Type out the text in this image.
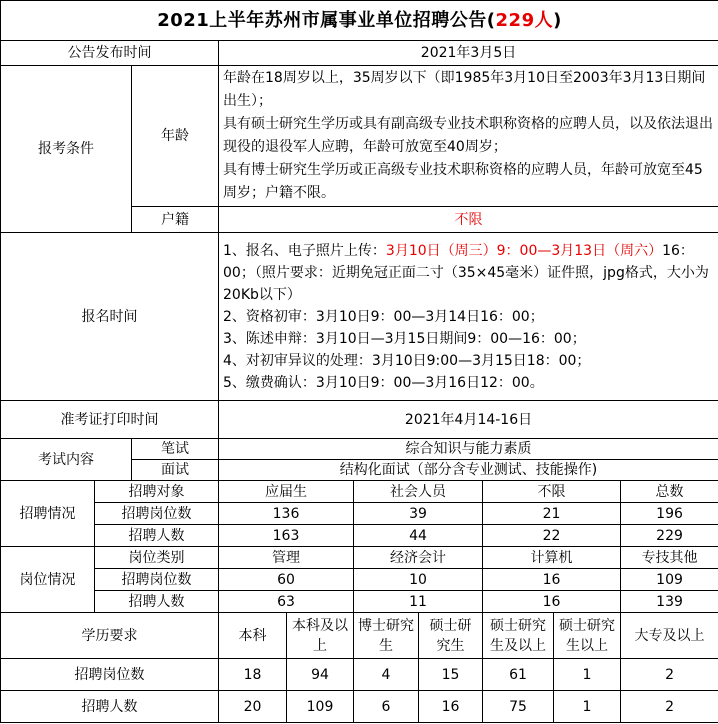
2021上半年苏州市属事业单位招聘公告(229人)									
公告发布时间			2021年3月5日						
报考条件		年龄	年龄在18周岁以上，35周岁以下（即1985年3月10日至2003年3月13日期间出生）；
具有硕士研究生学历或具有副高级专业技术职称资格的应聘人员，以及依法退出现役的退役军人应聘，年龄可放宽至40周岁；
具有博士研究生学历或正高级专业技术职称资格的应聘人员，年龄可放宽至45周岁；户籍不限。						

		户籍	不限						
报名时间			1、报名、电子照片上传：3月10日（周三）9：00—3月13日（周六）16：00；（照片要求：近期免冠正面二寸（35×45毫米）证件照，jpg格式，大小为20Kb以下）
2、资格初审：3月10日9：00—3月14日16：00；
3、陈述申辩：3月10日—3月15日期间9：00—16：00；
4、对初审异议的处理：3月10日9:00—3月15日18：00；
5、缴费确认：3月10日9：00—3月16日12：00。						

准考证打印时间			2021年4月14-16日						
考试内容		笔试	综合知识与能力素质						
		面试	结构化面试（部分含专业测试、技能操作)						
招聘情况	招聘对象		应届生		社会人员		不限		总数
	招聘岗位数		136		39		21		196
	招聘人数		163		44		22		229
岗位情况	岗位类别		管理		经济会计		计算机		专技其他
	招聘岗位数		60		10		16		109
	招聘人数		63		11		16		139
学历要求			本科	本科及以上	博士研究生	硕士研究生	硕士研究生及以上	硕士研究生以上	大专及以上
招聘岗位数			18	94	4	15	61	1	2
招聘人数			20	109	6	16	75	1	2
